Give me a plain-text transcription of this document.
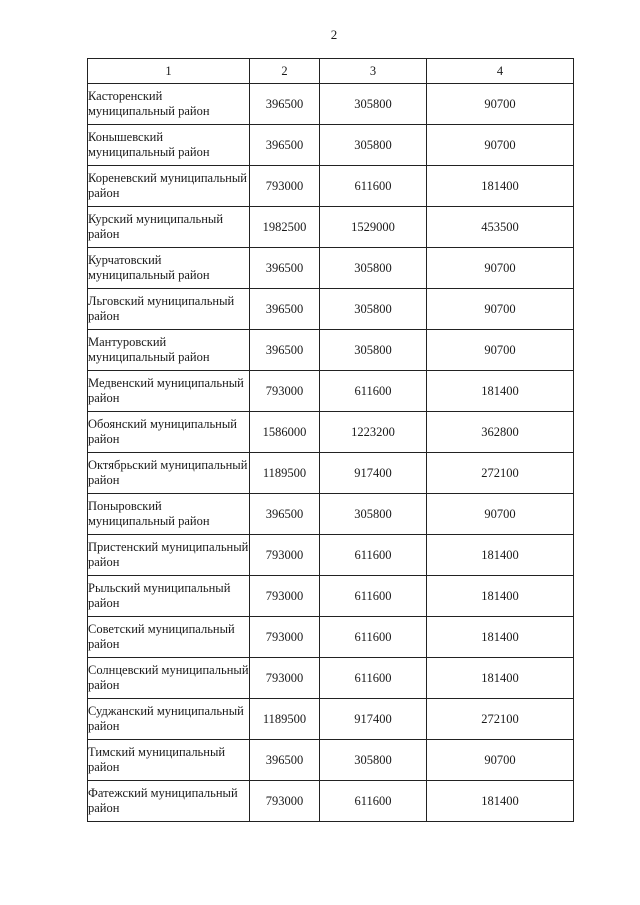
2
1	2	3	4
Касторенский муниципальный район	396500	305800	90700
Конышевский муниципальный район	396500	305800	90700
Кореневский муниципальный район	793000	611600	181400
Курский муниципальный район	1982500	1529000	453500
Курчатовский муниципальный район	396500	305800	90700
Льговский муниципальный район	396500	305800	90700
Мантуровский муниципальный район	396500	305800	90700
Медвенский муниципальный район	793000	611600	181400
Обоянский муниципальный район	1586000	1223200	362800
Октябрьский муниципальный район	1189500	917400	272100
Поныровский муниципальный район	396500	305800	90700
Пристенский муниципальный район	793000	611600	181400
Рыльский муниципальный район	793000	611600	181400
Советский муниципальный район	793000	611600	181400
Солнцевский муниципальный район	793000	611600	181400
Суджанский муниципальный район	1189500	917400	272100
Тимский муниципальный район	396500	305800	90700
Фатежский муниципальный район	793000	611600	181400
